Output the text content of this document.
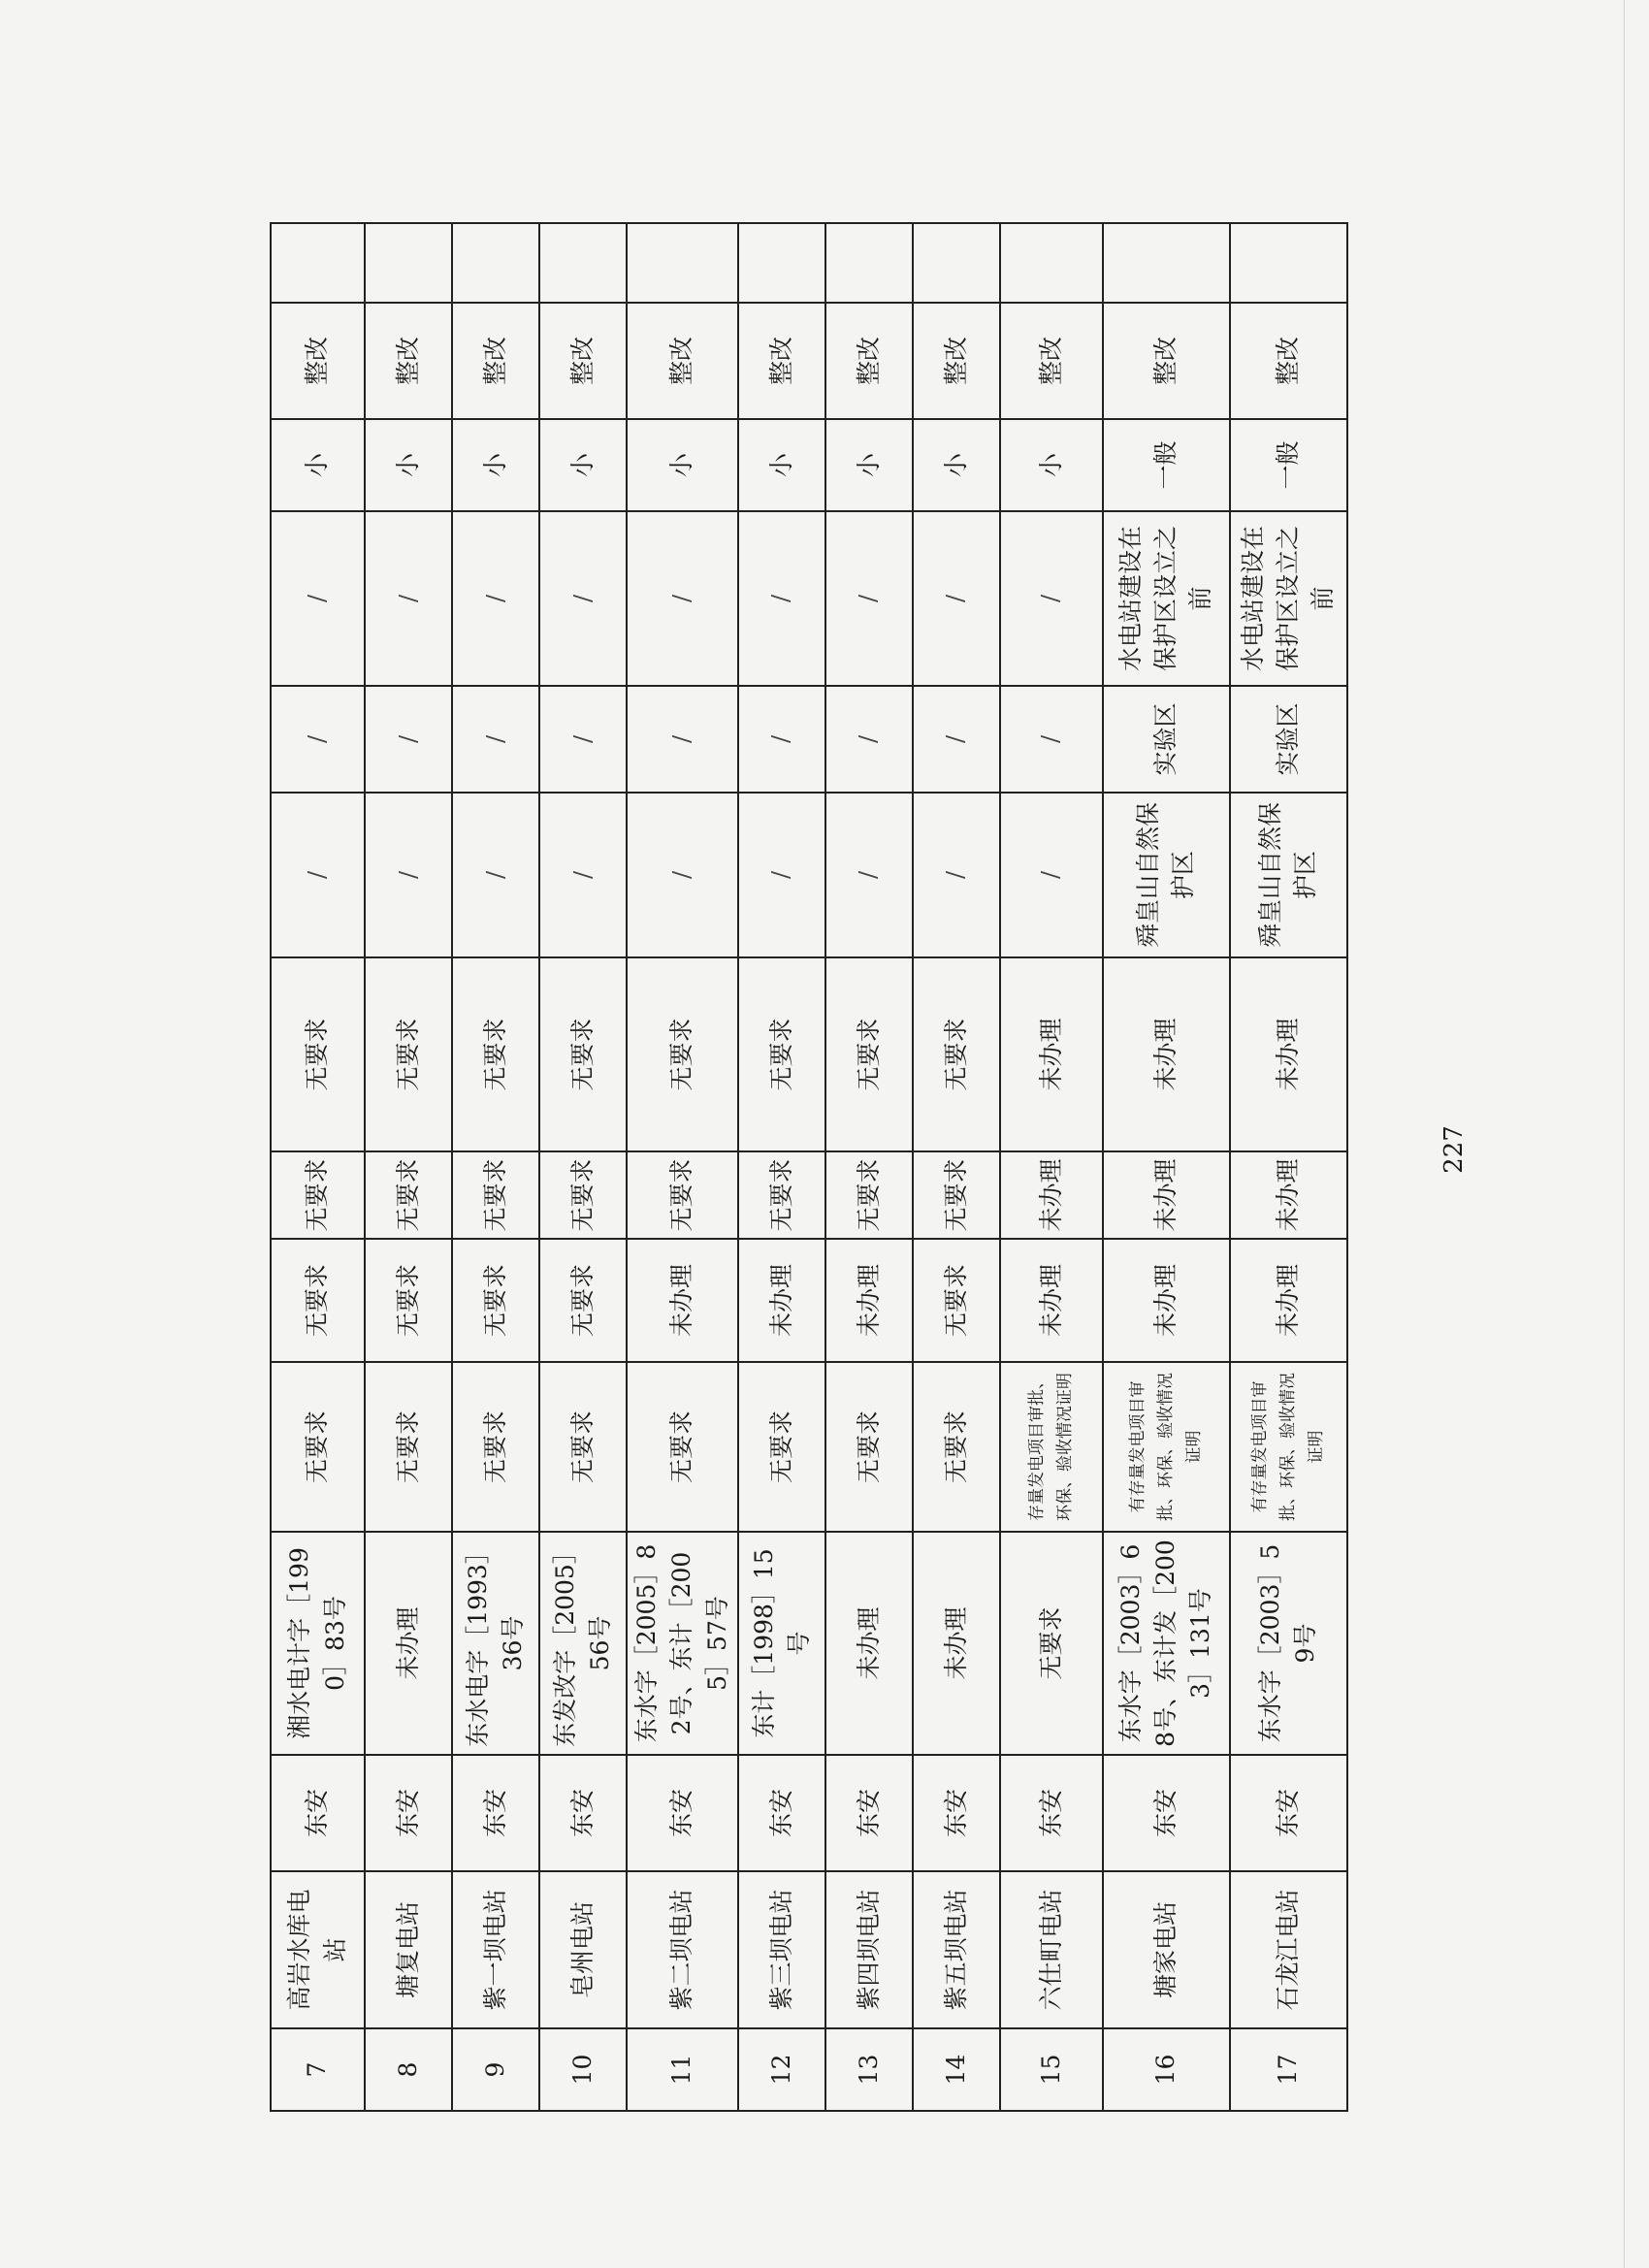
7	高岩水库电站	东安	湘水电计字［1990］83号	无要求	无要求	无要求	无要求	/	/	/	小	整改	
8	塘复电站	东安	未办理	无要求	无要求	无要求	无要求	/	/	/	小	整改	
9	紫一坝电站	东安	东水电字［1993］36号	无要求	无要求	无要求	无要求	/	/	/	小	整改	
10	皂州电站	东安	东发改字［2005］56号	无要求	无要求	无要求	无要求	/	/	/	小	整改	
11	紫二坝电站	东安	东水字［2005］82号、东计［2005］57号	无要求	未办理	无要求	无要求	/	/	/	小	整改	
12	紫三坝电站	东安	东计［1998］15号	无要求	未办理	无要求	无要求	/	/	/	小	整改	
13	紫四坝电站	东安	未办理	无要求	未办理	无要求	无要求	/	/	/	小	整改	
14	紫五坝电站	东安	未办理	无要求	无要求	无要求	无要求	/	/	/	小	整改	
15	六仕町电站	东安	无要求	存量发电项目审批、环保、验收情况证明	未办理	未办理	未办理	/	/	/	小	整改	
16	塘家电站	东安	东水字［2003］68号、东计发［2003］131号	有存量发电项目审批、环保、验收情况证明	未办理	未办理	未办理	舜皇山自然保护区	实验区	水电站建设在保护区设立之前	一般	整改	
17	石龙江电站	东安	东水字［2003］59号	有存量发电项目审批、环保、验收情况证明	未办理	未办理	未办理	舜皇山自然保护区	实验区	水电站建设在保护区设立之前	一般	整改	
227
